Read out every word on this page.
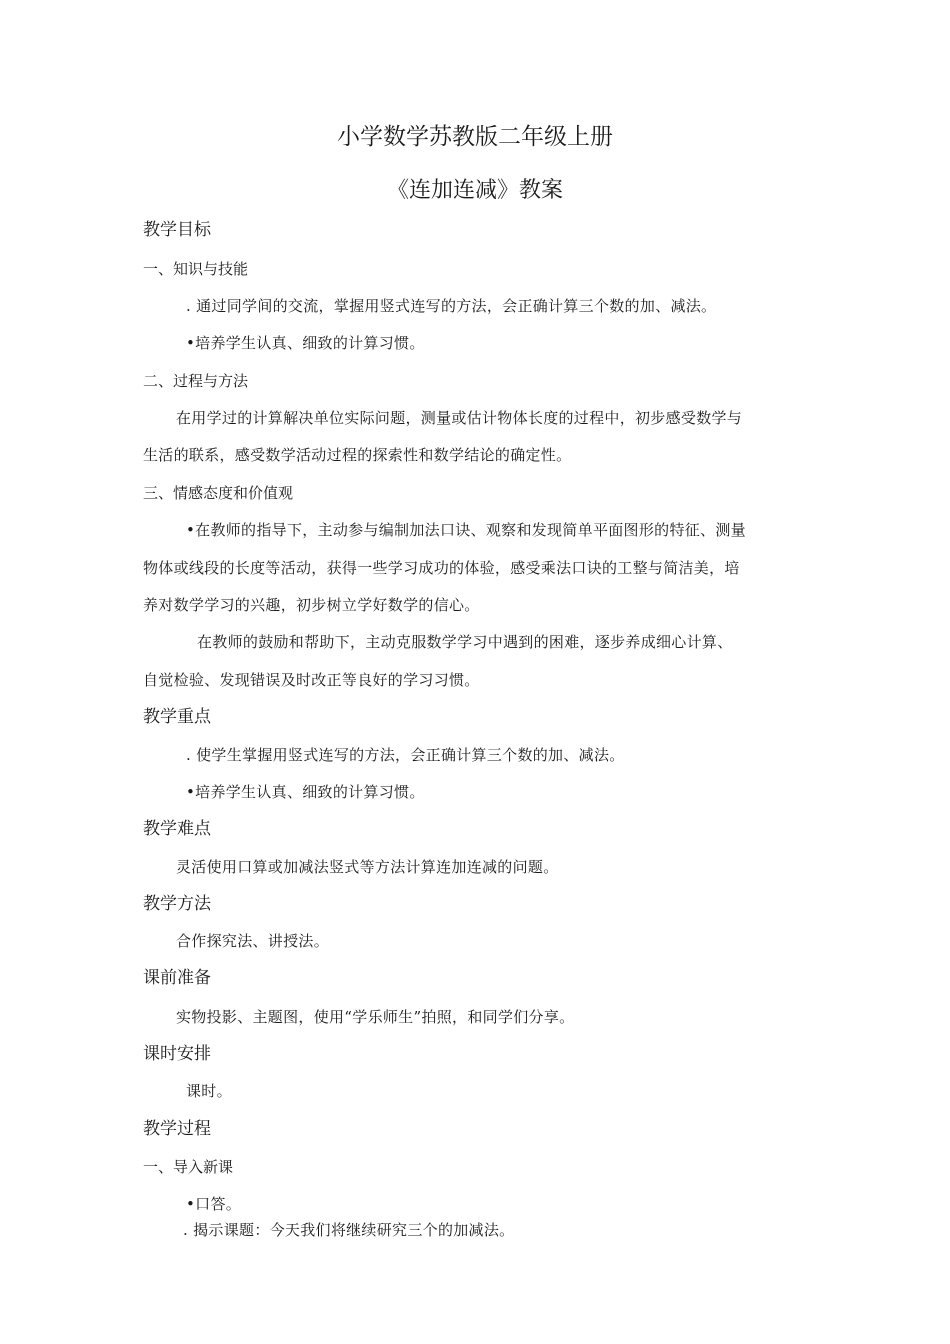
小学数学苏教版二年级上册
《连加连减》教案
教学目标
一、知识与技能
. 通过同学间的交流，掌握用竖式连写的方法，会正确计算三个数的加、减法。
•培养学生认真、细致的计算习惯。
二、过程与方法
在用学过的计算解决单位实际问题，测量或估计物体长度的过程中，初步感受数学与
生活的联系，感受数学活动过程的探索性和数学结论的确定性。
三、情感态度和价值观
•在教师的指导下，主动参与编制加法口诀、观察和发现简单平面图形的特征、测量
物体或线段的长度等活动，获得一些学习成功的体验，感受乘法口诀的工整与简洁美，培
养对数学学习的兴趣，初步树立学好数学的信心。
在教师的鼓励和帮助下，主动克服数学学习中遇到的困难，逐步养成细心计算、
自觉检验、发现错误及时改正等良好的学习习惯。
教学重点
. 使学生掌握用竖式连写的方法，会正确计算三个数的加、减法。
•培养学生认真、细致的计算习惯。
教学难点
灵活使用口算或加减法竖式等方法计算连加连减的问题。
教学方法
合作探究法、讲授法。
课前准备
实物投影、主题图，使用“学乐师生”拍照，和同学们分享。
课时安排
课时。
教学过程
一、导入新课
•口答。
. 揭示课题：今天我们将继续研究三个的加减法。
